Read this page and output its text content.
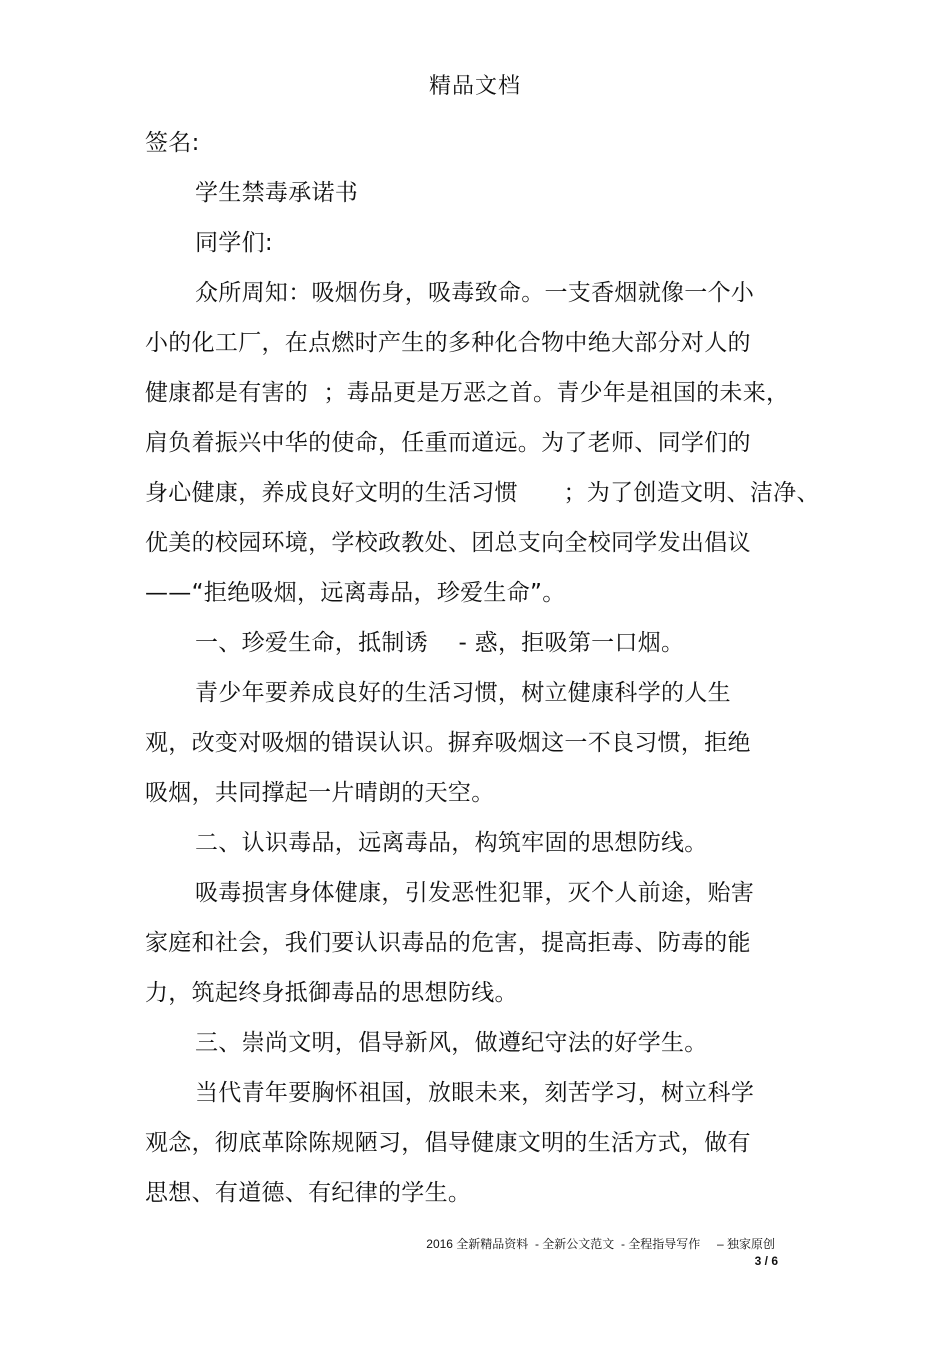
精品文档
签名:
学生禁毒承诺书
同学们:
众所周知：吸烟伤身，吸毒致命。一支香烟就像一个小
小的化工厂，在点燃时产生的多种化合物中绝大部分对人的
健康都是有害的  ；毒品更是万恶之首。青少年是祖国的未来，
肩负着振兴中华的使命，任重而道远。为了老师、同学们的
身心健康，养成良好文明的生活习惯      ；为了创造文明、洁净、
优美的校园环境，学校政教处、团总支向全校同学发出倡议
——“拒绝吸烟，远离毒品，珍爱生命”。
一、珍爱生命，抵制诱    - 惑，拒吸第一口烟。
青少年要养成良好的生活习惯，树立健康科学的人生
观，改变对吸烟的错误认识。摒弃吸烟这一不良习惯，拒绝
吸烟，共同撑起一片晴朗的天空。
二、认识毒品，远离毒品，构筑牢固的思想防线。
吸毒损害身体健康，引发恶性犯罪，灭个人前途，贻害
家庭和社会，我们要认识毒品的危害，提高拒毒、防毒的能
力，筑起终身抵御毒品的思想防线。
三、崇尚文明，倡导新风，做遵纪守法的好学生。
当代青年要胸怀祖国，放眼未来，刻苦学习，树立科学
观念，彻底革除陈规陋习，倡导健康文明的生活方式，做有
思想、有道德、有纪律的学生。
2016 全新精品资料  - 全新公文范文  - 全程指导写作     – 独家原创
3 / 6
